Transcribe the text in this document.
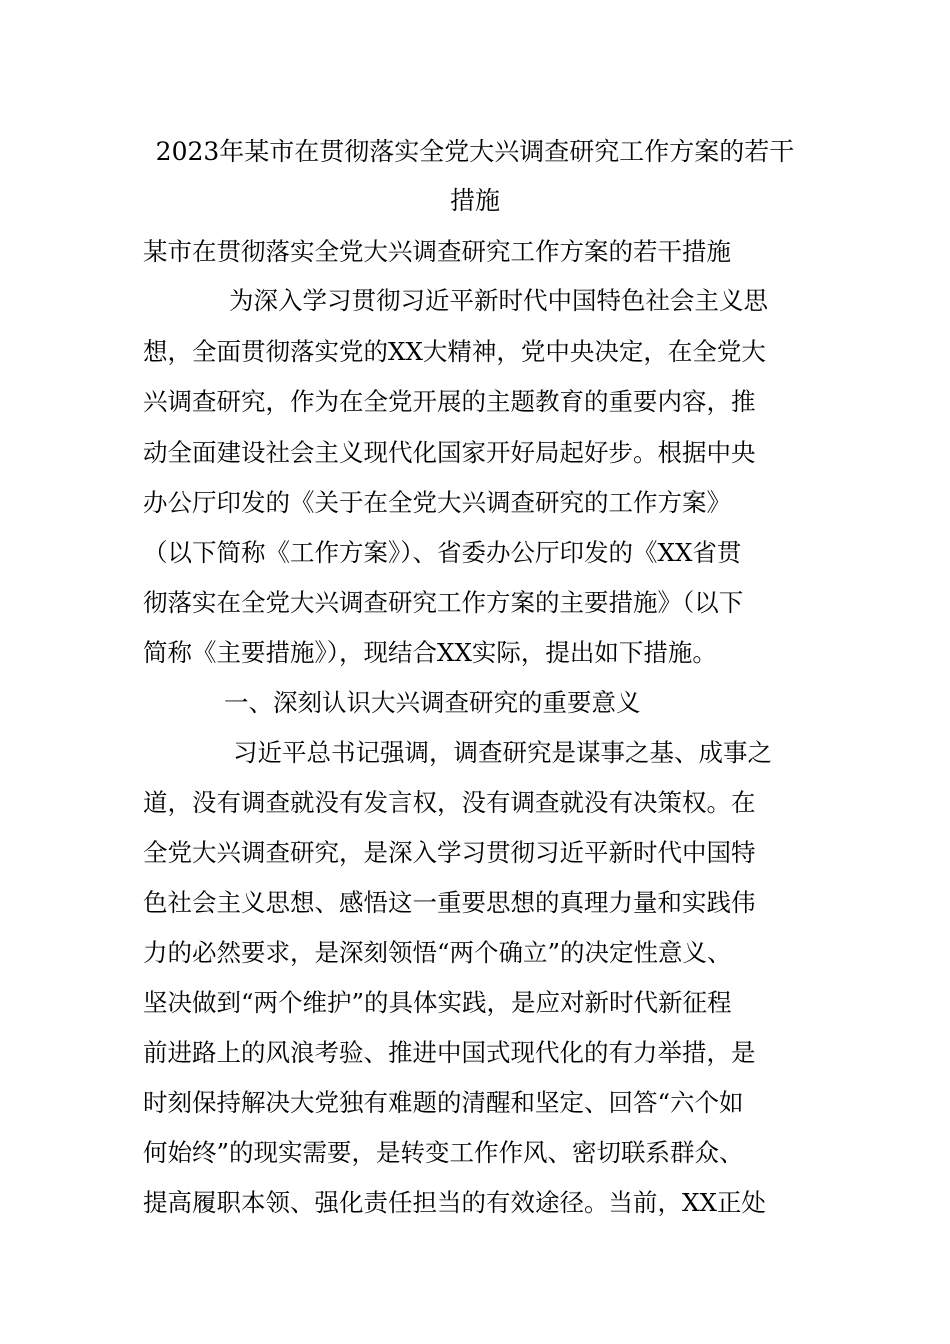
2023年某市在贯彻落实全党大兴调查研究工作方案的若干
措施
某市在贯彻落实全党大兴调查研究工作方案的若干措施
为深入学习贯彻习近平新时代中国特色社会主义思
想，全面贯彻落实党的XX大精神，党中央决定，在全党大
兴调查研究，作为在全党开展的主题教育的重要内容，推
动全面建设社会主义现代化国家开好局起好步。根据中央
办公厅印发的《关于在全党大兴调查研究的工作方案》
（以下简称《工作方案》）、省委办公厅印发的《XX省贯
彻落实在全党大兴调查研究工作方案的主要措施》（以下
简称《主要措施》），现结合XX实际，提出如下措施。
一、深刻认识大兴调查研究的重要意义
习近平总书记强调，调查研究是谋事之基、成事之
道，没有调查就没有发言权，没有调查就没有决策权。在
全党大兴调查研究，是深入学习贯彻习近平新时代中国特
色社会主义思想、感悟这一重要思想的真理力量和实践伟
力的必然要求，是深刻领悟“两个确立”的决定性意义、
坚决做到“两个维护”的具体实践，是应对新时代新征程
前进路上的风浪考验、推进中国式现代化的有力举措，是
时刻保持解决大党独有难题的清醒和坚定、回答“六个如
何始终”的现实需要，是转变工作作风、密切联系群众、
提高履职本领、强化责任担当的有效途径。当前，XX正处
